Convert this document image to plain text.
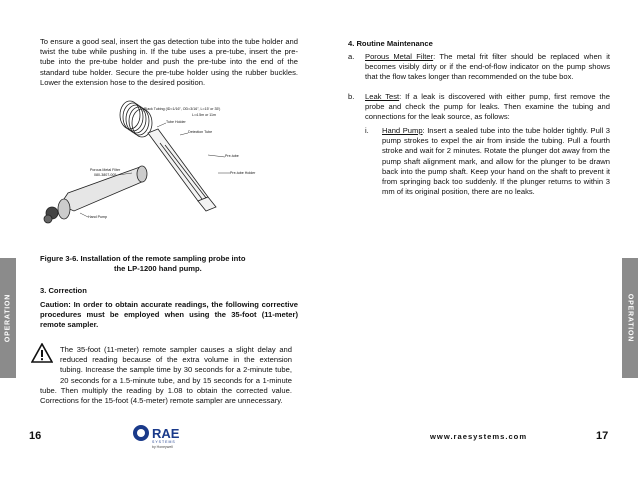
To ensure a good seal, insert the gas detection tube into the tube holder and twist the tube while pushing in. If the tube uses a pre-tube, insert the pre-tube into the pre-tube holder and push the pre-tube into the end of the standard tube holder. Secure the pre-tube holder using the rubber buckles. Lower the extension hose to the desired position.
Black Tubing (ID=1/16", OD=3/16", L=15' or 35')
L=4.5m or 11m
Tube Holder
Detection Tube
Pre-tube
Porous Metal Filter
080-3807-005	Pre-tube Holder
Hand Pump
Figure 3-6. Installation of the remote sampling probe into
the LP-1200 hand pump.
3. Correction
Caution: In order to obtain accurate readings, the following corrective procedures must be employed when using the 35-foot (11-meter) remote sampler.
The 35-foot (11-meter) remote sampler causes a slight delay and reduced reading because of the extra volume in the extension tubing. Increase the sample time by 30 seconds for a 2-minute tube, 20 seconds for a 1.5-minute tube, and by 15 seconds for a 1-minute tube. Then multiply the reading by 1.08 to obtain the corrected value. Corrections for the 15-foot (4.5-meter) remote sampler are unnecessary.
OPERATION
16	RAE
SYSTEMS
by Honeywell
4. Routine Maintenance
a. Porous Metal Filter: The metal frit filter should be replaced when it becomes visibly dirty or if the end-of-flow indicator on the pump shows that the flow takes longer than recommended on the tube box.
b. Leak Test: If a leak is discovered with either pump, first remove the probe and check the pump for leaks. Then examine the tubing and connections for the leak source, as follows:
i. Hand Pump: Insert a sealed tube into the tube holder tightly. Pull 3 pump strokes to expel the air from inside the tubing. Pull a fourth stroke and wait for 2 minutes. Rotate the plunger dot away from the pump shaft alignment mark, and allow for the plunger to be drawn back into the pump shaft. Keep your hand on the shaft to prevent it from springing back too suddenly. If the plunger returns to within 3 mm of its original position, there are no leaks.
OPERATION
www.raesystems.com	17
